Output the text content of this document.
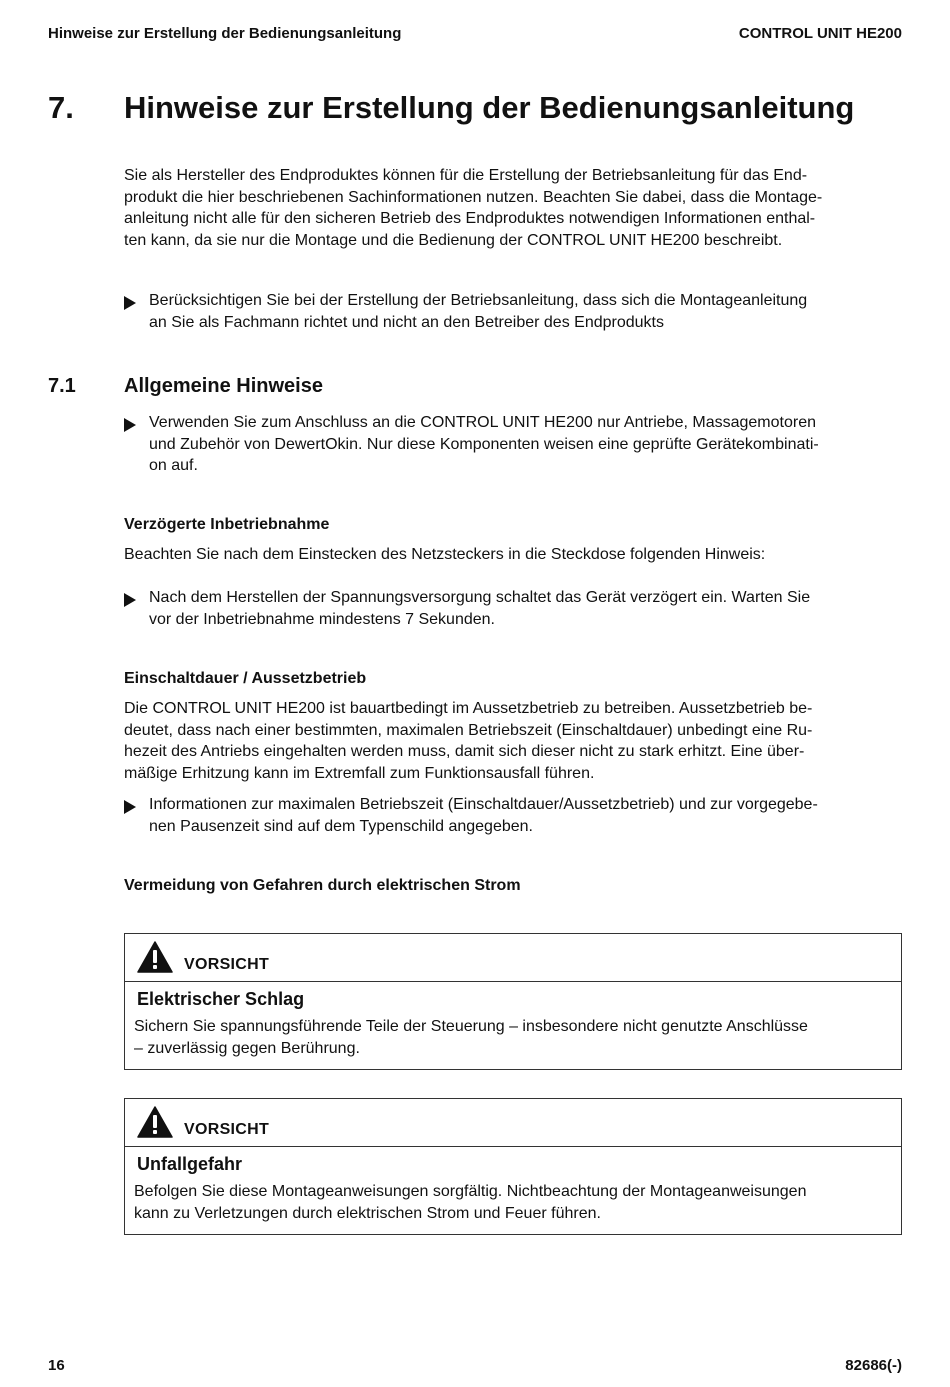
Hinweise zur Erstellung der Bedienungsanleitung	CONTROL UNIT HE200
7. Hinweise zur Erstellung der Bedienungsanleitung
Sie als Hersteller des Endproduktes können für die Erstellung der Betriebsanleitung für das End-
produkt die hier beschriebenen Sachinformationen nutzen. Beachten Sie dabei, dass die Montage-
anleitung nicht alle für den sicheren Betrieb des Endproduktes notwendigen Informationen enthal-
ten kann, da sie nur die Montage und die Bedienung der CONTROL UNIT HE200 beschreibt.
Berücksichtigen Sie bei der Erstellung der Betriebsanleitung, dass sich die Montageanleitung
an Sie als Fachmann richtet und nicht an den Betreiber des Endprodukts
7.1 Allgemeine Hinweise
Verwenden Sie zum Anschluss an die CONTROL UNIT HE200 nur Antriebe, Massagemotoren
und Zubehör von DewertOkin. Nur diese Komponenten weisen eine geprüfte Gerätekombinati-
on auf.
Verzögerte Inbetriebnahme
Beachten Sie nach dem Einstecken des Netzsteckers in die Steckdose folgenden Hinweis:
Nach dem Herstellen der Spannungsversorgung schaltet das Gerät verzögert ein. Warten Sie
vor der Inbetriebnahme mindestens 7 Sekunden.
Einschaltdauer / Aussetzbetrieb
Die CONTROL UNIT HE200 ist bauartbedingt im Aussetzbetrieb zu betreiben. Aussetzbetrieb be-
deutet, dass nach einer bestimmten, maximalen Betriebszeit (Einschaltdauer) unbedingt eine Ru-
hezeit des Antriebs eingehalten werden muss, damit sich dieser nicht zu stark erhitzt. Eine über-
mäßige Erhitzung kann im Extremfall zum Funktionsausfall führen.
Informationen zur maximalen Betriebszeit (Einschaltdauer/Aussetzbetrieb) und zur vorgegebe-
nen Pausenzeit sind auf dem Typenschild angegeben.
Vermeidung von Gefahren durch elektrischen Strom
VORSICHT
Elektrischer Schlag
Sichern Sie spannungsführende Teile der Steuerung – insbesondere nicht genutzte Anschlüsse
– zuverlässig gegen Berührung.
VORSICHT
Unfallgefahr
Befolgen Sie diese Montageanweisungen sorgfältig. Nichtbeachtung der Montageanweisungen
kann zu Verletzungen durch elektrischen Strom und Feuer führen.
16	82686(-)
